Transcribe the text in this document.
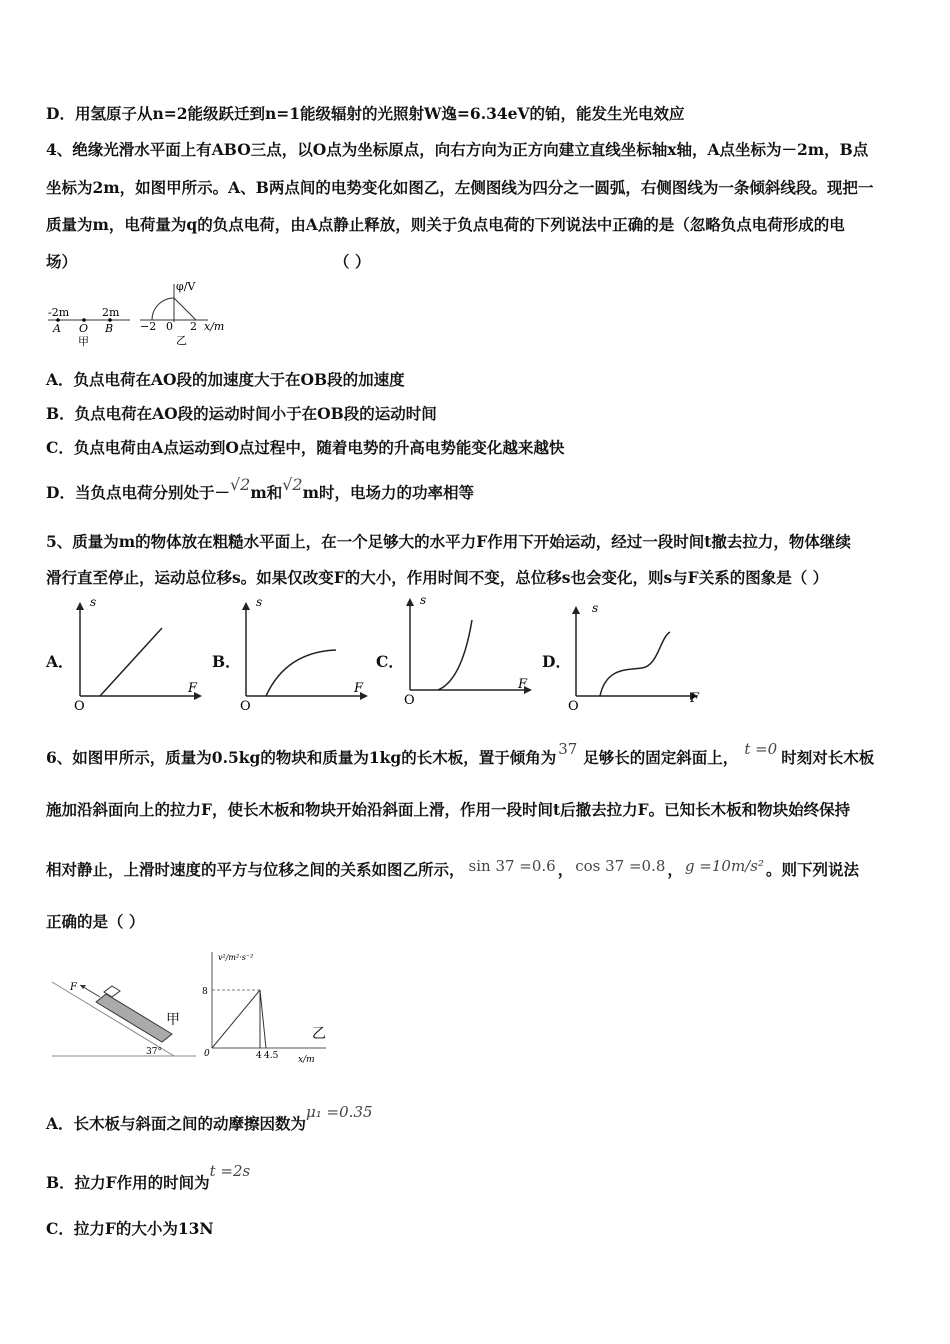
D．用氢原子从n=2能级跃迁到n=1能级辐射的光照射W逸=6.34eV的铂，能发生光电效应
4、绝缘光滑水平面上有ABO三点，以O点为坐标原点，向右方向为正方向建立直线坐标轴x轴，A点坐标为－2m，B点
坐标为2m，如图甲所示。A、B两点间的电势变化如图乙，左侧图线为四分之一圆弧，右侧图线为一条倾斜线段。现把一
质量为m，电荷量为q的负点电荷，由A点静止释放，则关于负点电荷的下列说法中正确的是（忽略负点电荷形成的电
场）	（ ）
-2m	2m
A O B
甲
φ/V
−2 0 2 x/m
乙
A．负点电荷在AO段的加速度大于在OB段的加速度
B．负点电荷在AO段的运动时间小于在OB段的运动时间
C．负点电荷由A点运动到O点过程中，随着电势的升高电势能变化越来越快
D．当负点电荷分别处于－√2m和√2m时，电场力的功率相等
5、质量为m的物体放在粗糙水平面上，在一个足够大的水平力F作用下开始运动，经过一段时间t撤去拉力，物体继续
滑行直至停止，运动总位移s。如果仅改变F的大小，作用时间不变，总位移s也会变化，则s与F关系的图象是（ ）
A．
s
F
O
B．
s
F
O
C．
s
F
O
D．
s
F
O
6、如图甲所示，质量为0.5kg的物块和质量为1kg的长木板，置于倾角为 37 足够长的固定斜面上， t =0 时刻对长木板
施加沿斜面向上的拉力F，使长木板和物块开始沿斜面上滑，作用一段时间t后撤去拉力F。已知长木板和物块始终保持
相对静止，上滑时速度的平方与位移之间的关系如图乙所示， sin 37 =0.6 ， cos 37 =0.8 ， g =10m/s² 。则下列说法
正确的是（ ）
F
37°
甲
v²/m²·s⁻²
8
0	4 4.5 x/m
乙
A．长木板与斜面之间的动摩擦因数为μ₁ =0.35
B．拉力F作用的时间为t =2s
C．拉力F的大小为13N
